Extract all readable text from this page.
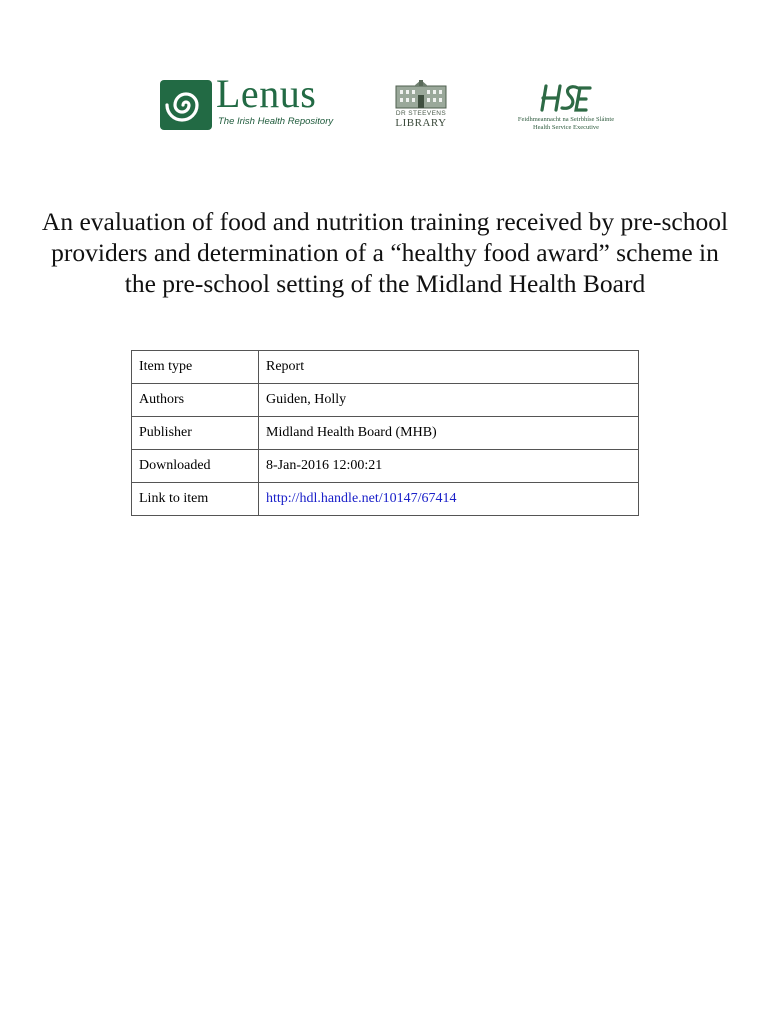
Lenus
The Irish Health Repository
DR STEEVENS
LIBRARY	Feidhmeannacht na Seirbhíse Sláinte
Health Service Executive
An evaluation of food and nutrition training received by pre-school providers and determination of a “healthy food award” scheme in the pre-school setting of the Midland Health Board
Item type	Report
Authors	Guiden, Holly
Publisher	Midland Health Board (MHB)
Downloaded	8-Jan-2016 12:00:21
Link to item	http://hdl.handle.net/10147/67414
